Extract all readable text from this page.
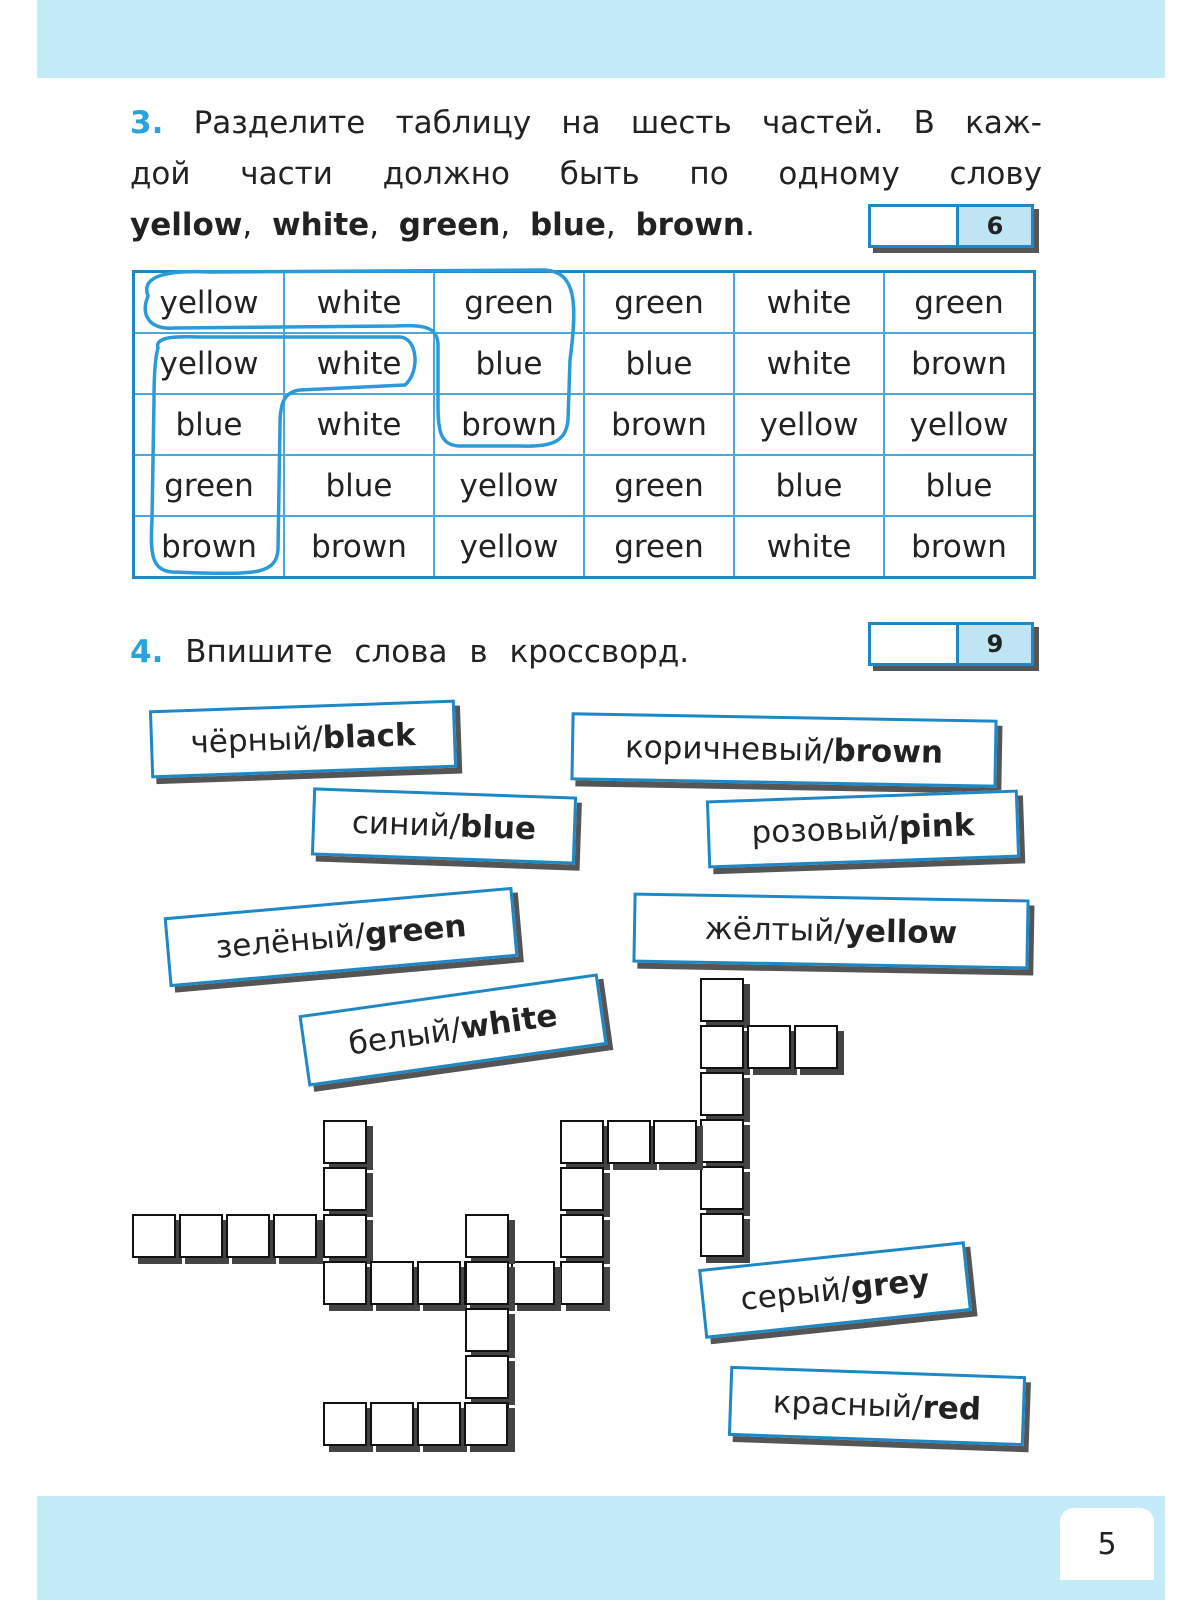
3. Разделите таблицу на шесть частей. В каж-
дой части должно быть по одному слову
yellow, white, green, blue, brown.	6
yellow	white	green	green	white	green
yellow	white	blue	blue	white	brown
blue	white	brown	brown	yellow	yellow
green	blue	yellow	green	blue	blue
brown	brown	yellow	green	white	brown
4. Впишите слова в кроссворд.	9
чёрный/
black	коричневый/ brown
синий/
blue	розовый/
pink
зелёный/
green	жёлтый/ yellow
белый/
white
серый/
grey
красный/
red
5
